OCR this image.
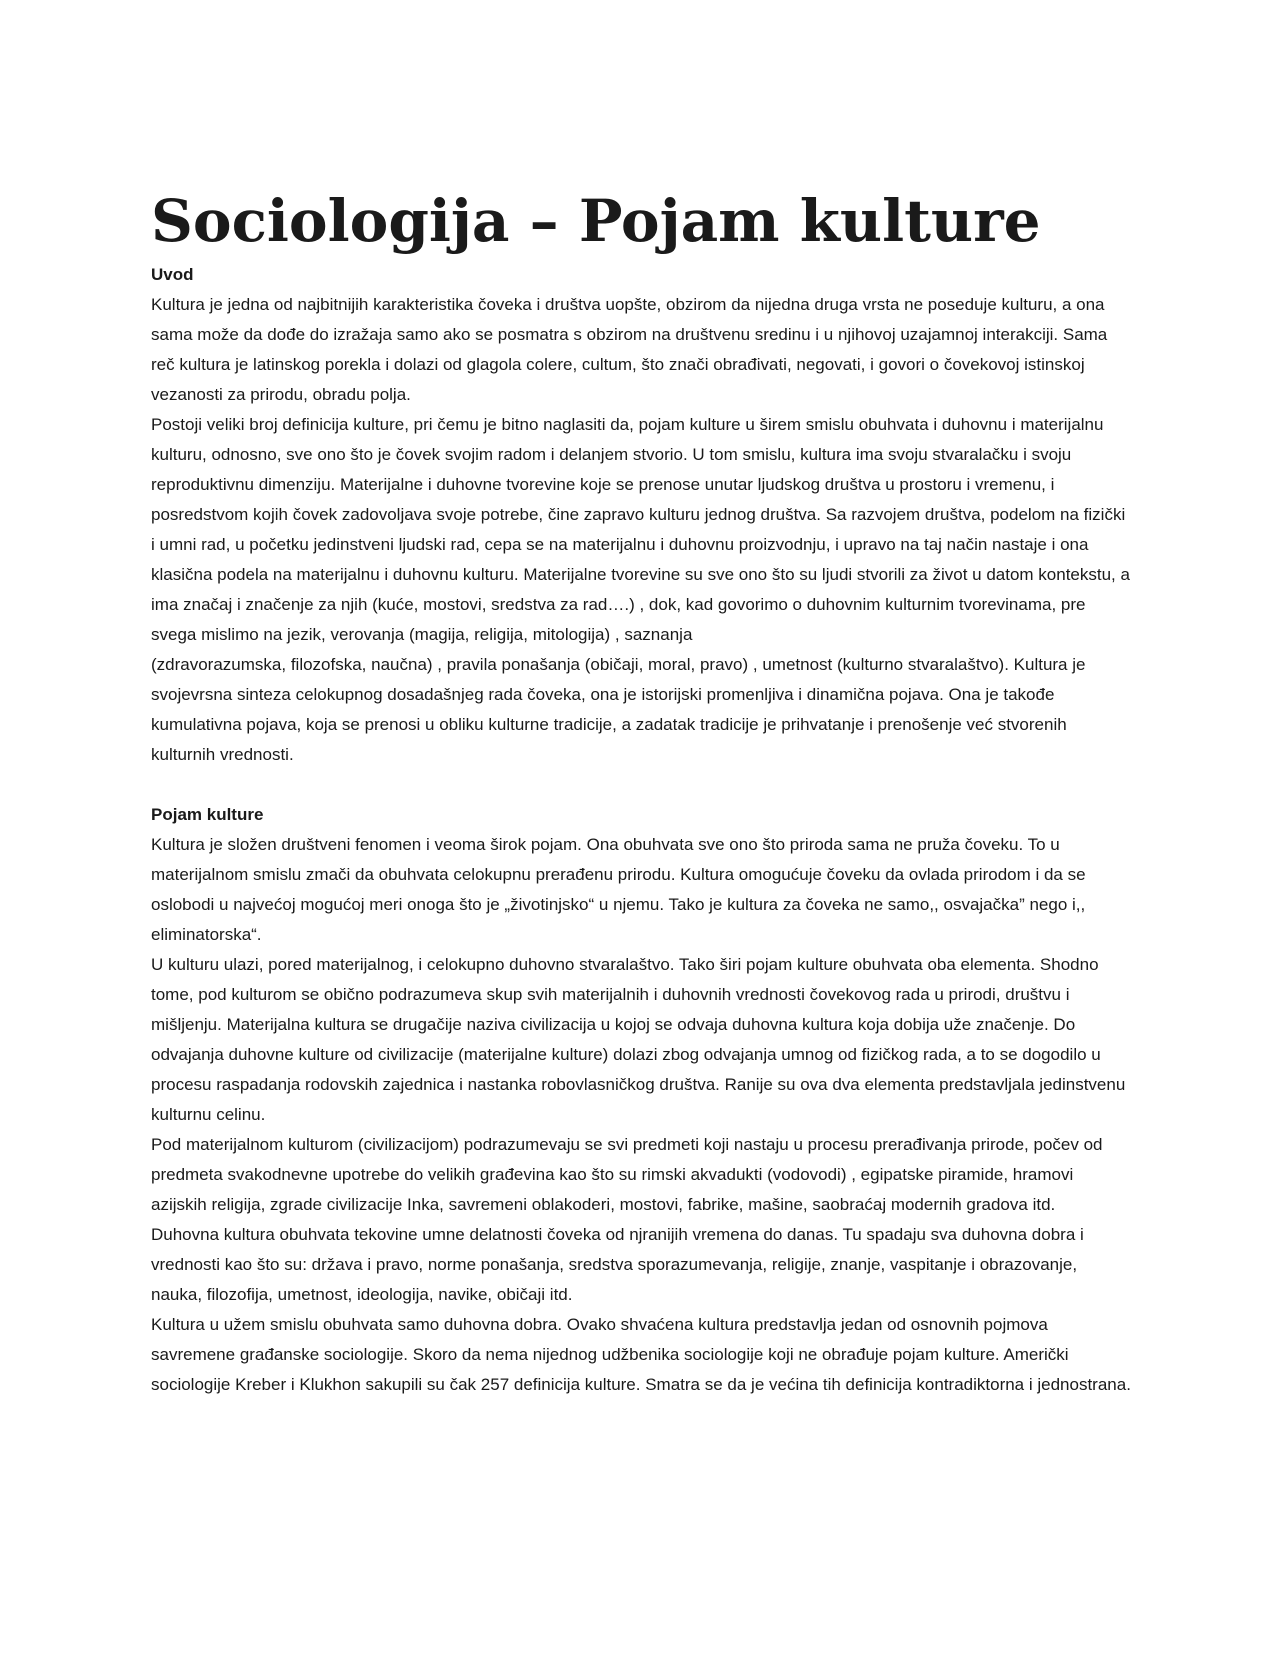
Sociologija – Pojam kulture
Uvod

Kultura je jedna od najbitnijih karakteristika čoveka i društva uopšte, obzirom da nijedna druga vrsta ne poseduje kulturu, a ona sama može da dođe do izražaja samo ako se posmatra s obzirom na društvenu sredinu i u njihovoj uzajamnoj interakciji. Sama reč kultura je latinskog porekla i dolazi od glagola colere, cultum, što znači obrađivati, negovati, i govori o čovekovoj istinskoj vezanosti za prirodu, obradu polja.

Postoji veliki broj definicija kulture, pri čemu je bitno naglasiti da, pojam kulture u širem smislu obuhvata i duhovnu i materijalnu kulturu, odnosno, sve ono što je čovek svojim radom i delanjem stvorio. U tom smislu, kultura ima svoju stvaralačku i svoju reproduktivnu dimenziju. Materijalne i duhovne tvorevine koje se prenose unutar ljudskog društva u prostoru i vremenu, i posredstvom kojih čovek zadovoljava svoje potrebe, čine zapravo kulturu jednog društva. Sa razvojem društva, podelom na fizički i umni rad, u početku jedinstveni ljudski rad, cepa se na materijalnu i duhovnu proizvodnju, i upravo na taj način nastaje i ona klasična podela na materijalnu i duhovnu kulturu. Materijalne tvorevine su sve ono što su ljudi stvorili za život u datom kontekstu, a ima značaj i značenje za njih (kuće, mostovi, sredstva za rad….) , dok, kad govorimo o duhovnim kulturnim tvorevinama, pre svega mislimo na jezik, verovanja (magija, religija, mitologija) , saznanja

(zdravorazumska, filozofska, naučna) , pravila ponašanja (običaji, moral, pravo) , umetnost (kulturno stvaralaštvo). Kultura je svojevrsna sinteza celokupnog dosadašnjeg rada čoveka, ona je istorijski promenljiva i dinamična pojava. Ona je takođe kumulativna pojava, koja se prenosi u obliku kulturne tradicije, a zadatak tradicije je prihvatanje i prenošenje već stvorenih kulturnih vrednosti.

Pojam kulture

Kultura je složen društveni fenomen i veoma širok pojam. Ona obuhvata sve ono što priroda sama ne pruža čoveku. To u materijalnom smislu zmači da obuhvata celokupnu prerađenu prirodu. Kultura omogućuje čoveku da ovlada prirodom i da se oslobodi u najvećoj mogućoj meri onoga što je „životinjsko“ u njemu. Tako je kultura za čoveka ne samo,, osvajačka” nego i,, eliminatorska“.

U kulturu ulazi, pored materijalnog, i celokupno duhovno stvaralaštvo. Tako širi pojam kulture obuhvata oba elementa. Shodno tome, pod kulturom se obično podrazumeva skup svih materijalnih i duhovnih vrednosti čovekovog rada u prirodi, društvu i mišljenju. Materijalna kultura se drugačije naziva civilizacija u kojoj se odvaja duhovna kultura koja dobija uže značenje. Do odvajanja duhovne kulture od civilizacije (materijalne kulture) dolazi zbog odvajanja umnog od fizičkog rada, a to se dogodilo u procesu raspadanja rodovskih zajednica i nastanka robovlasničkog društva. Ranije su ova dva elementa predstavljala jedinstvenu kulturnu celinu.

Pod materijalnom kulturom (civilizacijom) podrazumevaju se svi predmeti koji nastaju u procesu prerađivanja prirode, počev od predmeta svakodnevne upotrebe do velikih građevina kao što su rimski akvadukti (vodovodi) , egipatske piramide, hramovi azijskih religija, zgrade civilizacije Inka, savremeni oblakoderi, mostovi, fabrike, mašine, saobraćaj modernih gradova itd.

Duhovna kultura obuhvata tekovine umne delatnosti čoveka od njranijih vremena do danas. Tu spadaju sva duhovna dobra i vrednosti kao što su: država i pravo, norme ponašanja, sredstva sporazumevanja, religije, znanje, vaspitanje i obrazovanje, nauka, filozofija, umetnost, ideologija, navike, običaji itd.

Kultura u užem smislu obuhvata samo duhovna dobra. Ovako shvaćena kultura predstavlja jedan od osnovnih pojmova savremene građanske sociologije. Skoro da nema nijednog udžbenika sociologije koji ne obrađuje pojam kulture. Američki sociologije Kreber i Klukhon sakupili su čak 257 definicija kulture. Smatra se da je većina tih definicija kontradiktorna i jednostrana.
